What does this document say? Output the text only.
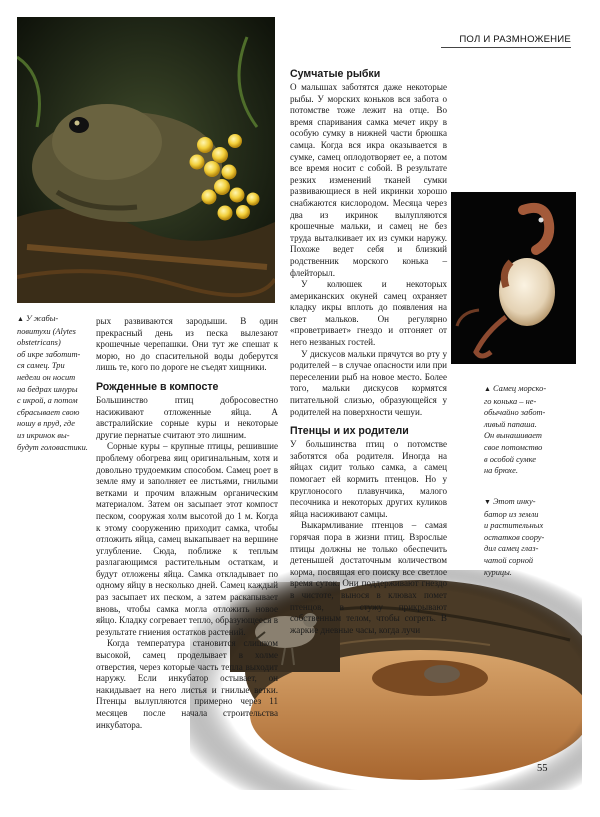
ПОЛ И РАЗМНОЖЕНИЕ
▲ У жабы-
повитухи (Alytes
obstetricans)
об икре заботит-
ся самец. Три
недели он носит
на бедрах шнуры
с икрой, а потом
сбрасывает свою
ношу в пруд, где
из икринок вы-
будут головастики.
▲ Самец морско-
го конька – не-
обычайно забот-
ливый папаша.
Он вынашивает
свое потомство
в особой сумке
на брюхе.
▼ Этот инку-
батор из земли
и растительных
остатков соору-
дил самец глаз-
чатой сорной
курицы.

рых развиваются зародыши. В один прекрасный день из песка вылезают крошечные черепашки. Они тут же спешат к морю, но до спасительной воды доберутся лишь те, кого по дороге не съедят хищники.

Рожденные в компосте

Большинство птиц добросовестно насиживают отложенные яйца. А австралийские сорные куры и некоторые другие пернатые считают это лишним.

Сорные куры – крупные птицы, решившие проблему обогрева яиц оригинальным, хотя и довольно трудоемким способом. Самец роет в земле яму и заполняет ее листьями, гнилыми ветками и прочим влажным органическим материалом. Затем он засыпает этот компост песком, сооружая холм высотой до 1 м. Когда к этому сооружению приходит самка, чтобы отложить яйца, самец выкапывает на вершине углубление. Сюда, поближе к теплым разлагающимся растительным остаткам, и будут отложены яйца. Самка откладывает по одному яйцу в несколько дней. Самец каждый раз засыпает их песком, а затем раскапывает вновь, чтобы самка могла отложить новое яйцо. Кладку согревает тепло, образующееся в результате гниения остатков растений.

Когда температура становится слишком высокой, самец проделывает в холме отверстия, через которые часть тепла выходит наружу. Если инкубатор остывает, он накидывает на него листья и гнилые ветки. Птенцы вылупляются примерно через 11 месяцев после начала строительства инкубатора.

Сумчатые рыбки

О малышах заботятся даже некоторые рыбы. У морских коньков вся забота о потомстве тоже лежит на отце. Во время спаривания самка мечет икру в особую сумку в нижней части брюшка самца. Когда вся икра оказывается в сумке, самец оплодотворяет ее, а потом все время носит с собой. В результате резких изменений тканей сумки развивающиеся в ней икринки хорошо снабжаются кислородом. Месяца через два из икринок вылупляются крошечные мальки, и самец не без труда выталкивает их из сумки наружу. Похоже ведет себя и близкий родственник морского конька – флейторыл.

У колюшек и некоторых американских окуней самец охраняет кладку икры вплоть до появления на свет мальков. Он регулярно «проветривает» гнездо и отгоняет от него незваных гостей.

У дискусов мальки прячутся во рту у родителей – в случае опасности или при переселении рыб на новое место. Более того, мальки дискусов кормятся питательной слизью, образующейся у родителей на поверхности чешуи.

Птенцы и их родители

У большинства птиц о потомстве заботятся оба родителя. Иногда на яйцах сидит только самка, а самец помогает ей кормить птенцов. Но у круглоносого плавунчика, малого песочника и некоторых других куликов яйца насиживают самцы.

Выкармливание птенцов – самая горячая пора в жизни птиц. Взрослые птицы должны не только обеспечить детенышей достаточным количеством корма, посвящая его поиску все светлое время суток. Они поддерживают гнездо в чистоте, вынося в клювах помет птенцов, в стужу прикрывают собственным телом, чтобы согреть. В жаркие дневные часы, когда лучи

55
